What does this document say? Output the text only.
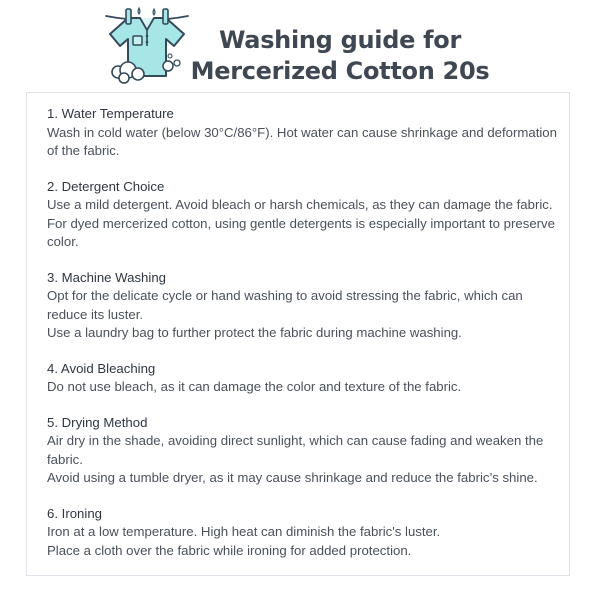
Washing guide for
Mercerized Cotton 20s
1. Water Temperature

Wash in cold water (below 30°C/86°F). Hot water can cause shrinkage and deformation of the fabric.

2. Detergent Choice

Use a mild detergent. Avoid bleach or harsh chemicals, as they can damage the fabric.

For dyed mercerized cotton, using gentle detergents is especially important to preserve color.

3. Machine Washing

Opt for the delicate cycle or hand washing to avoid stressing the fabric, which can reduce its luster.

Use a laundry bag to further protect the fabric during machine washing.

4. Avoid Bleaching

Do not use bleach, as it can damage the color and texture of the fabric.

5. Drying Method

Air dry in the shade, avoiding direct sunlight, which can cause fading and weaken the fabric.

Avoid using a tumble dryer, as it may cause shrinkage and reduce the fabric’s shine.

6. Ironing

Iron at a low temperature. High heat can diminish the fabric's luster.

Place a cloth over the fabric while ironing for added protection.
